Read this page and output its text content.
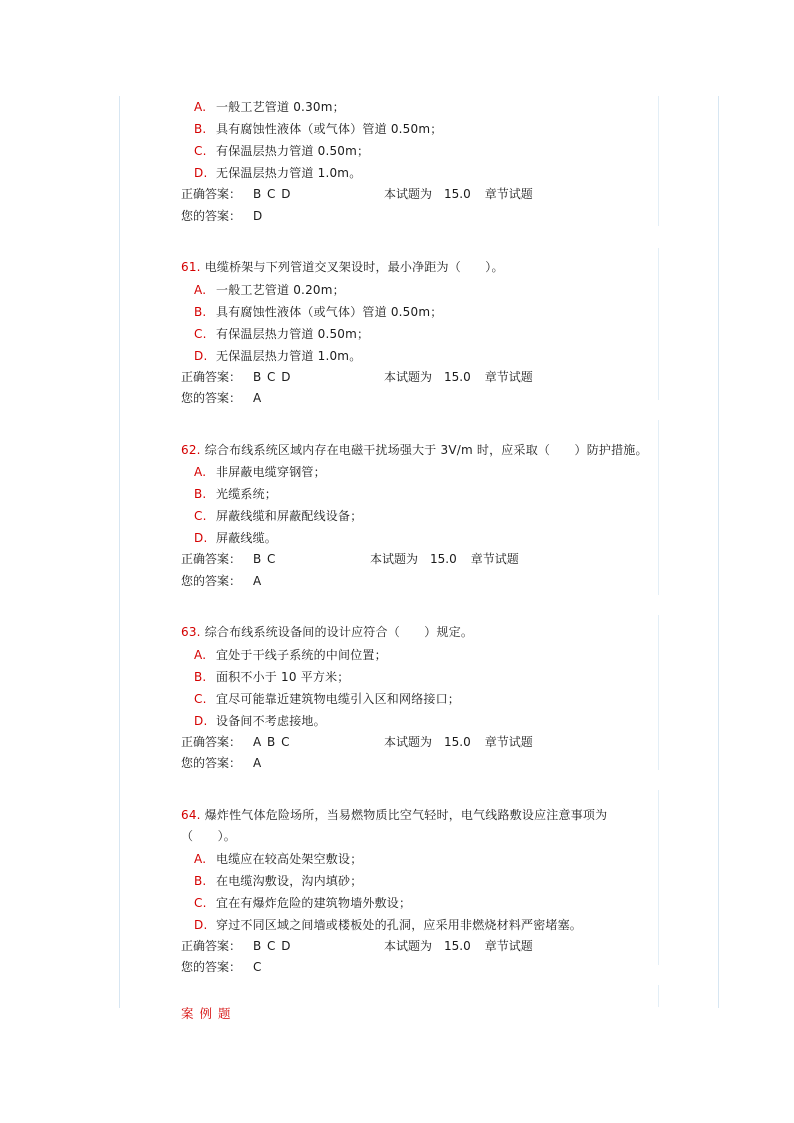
A. 一般工艺管道 0.30m；
B. 具有腐蚀性液体（或气体）管道 0.50m；
C. 有保温层热力管道 0.50m；
D. 无保温层热力管道 1.0m。
正确答案： B C D	本试题为 15.0 章节试题
您的答案： D
61. 电缆桥架与下列管道交叉架设时，最小净距为（　　）。
A. 一般工艺管道 0.20m；
B. 具有腐蚀性液体（或气体）管道 0.50m；
C. 有保温层热力管道 0.50m；
D. 无保温层热力管道 1.0m。
正确答案： B C D	本试题为 15.0 章节试题
您的答案： A
62. 综合布线系统区域内存在电磁干扰场强大于 3V/m 时，应采取（　　）防护措施。
A. 非屏蔽电缆穿钢管；
B. 光缆系统；
C. 屏蔽线缆和屏蔽配线设备；
D. 屏蔽线缆。
正确答案： B C	本试题为 15.0 章节试题
您的答案： A
63. 综合布线系统设备间的设计应符合（　　）规定。
A. 宜处于干线子系统的中间位置；
B. 面积不小于 10 平方米；
C. 宜尽可能靠近建筑物电缆引入区和网络接口；
D. 设备间不考虑接地。
正确答案： A B C	本试题为 15.0 章节试题
您的答案： A
64. 爆炸性气体危险场所，当易燃物质比空气轻时，电气线路敷设应注意事项为（　　）。
A. 电缆应在较高处架空敷设；
B. 在电缆沟敷设，沟内填砂；
C. 宜在有爆炸危险的建筑物墙外敷设；
D. 穿过不同区域之间墙或楼板处的孔洞，应采用非燃烧材料严密堵塞。
正确答案： B C D	本试题为 15.0 章节试题
您的答案： C
案例题
